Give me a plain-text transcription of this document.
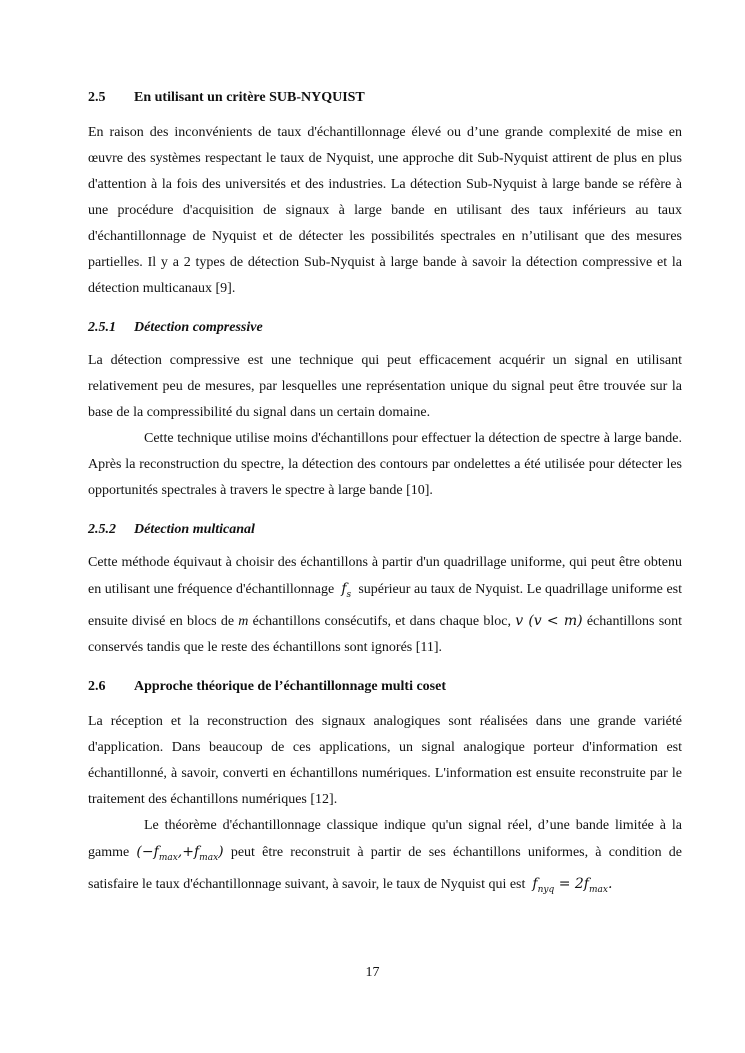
2.5	En utilisant un critère SUB-NYQUIST

En raison des inconvénients de taux d'échantillonnage élevé ou d’une grande complexité de mise en œuvre des systèmes respectant le taux de Nyquist, une approche dit Sub-Nyquist attirent de plus en plus d'attention à la fois des universités et des industries. La détection Sub-Nyquist à large bande se réfère à une procédure d'acquisition de signaux à large bande en utilisant des taux inférieurs au taux d'échantillonnage de Nyquist et de détecter les possibilités spectrales en n’utilisant que des mesures partielles. Il y a 2 types de détection Sub-Nyquist à large bande à savoir la détection compressive et la détection multicanaux [9].

2.5.1	Détection compressive

La détection compressive est une technique qui peut efficacement acquérir un signal en utilisant relativement peu de mesures, par lesquelles une représentation unique du signal peut être trouvée sur la base de la compressibilité du signal dans un certain domaine.

Cette technique utilise moins d'échantillons pour effectuer la détection de spectre à large bande. Après la reconstruction du spectre, la détection des contours par ondelettes a été utilisée pour détecter les opportunités spectrales à travers le spectre à large bande [10].

2.5.2	Détection multicanal

Cette méthode équivaut à choisir des échantillons à partir d'un quadrillage uniforme, qui peut être obtenu en utilisant une fréquence d'échantillonnage $f_s$ supérieur au taux de Nyquist. Le quadrillage uniforme est ensuite divisé en blocs de m échantillons consécutifs, et dans chaque bloc, v (v < m) échantillons sont conservés tandis que le reste des échantillons sont ignorés [11].

2.6	Approche théorique de l’échantillonnage multi coset

La réception et la reconstruction des signaux analogiques sont réalisées dans une grande variété d'application. Dans beaucoup de ces applications, un signal analogique porteur d'information est échantillonné, à savoir, converti en échantillons numériques. L'information est ensuite reconstruite par le traitement des échantillons numériques [12].

Le théorème d'échantillonnage classique indique qu'un signal réel, d’une bande limitée à la gamme $(-f_{max},+f_{max})$ peut être reconstruit à partir de ses échantillons uniformes, à condition de satisfaire le taux d'échantillonnage suivant, à savoir, le taux de Nyquist qui est $f_{nyq} = 2f_{max}$.

17
